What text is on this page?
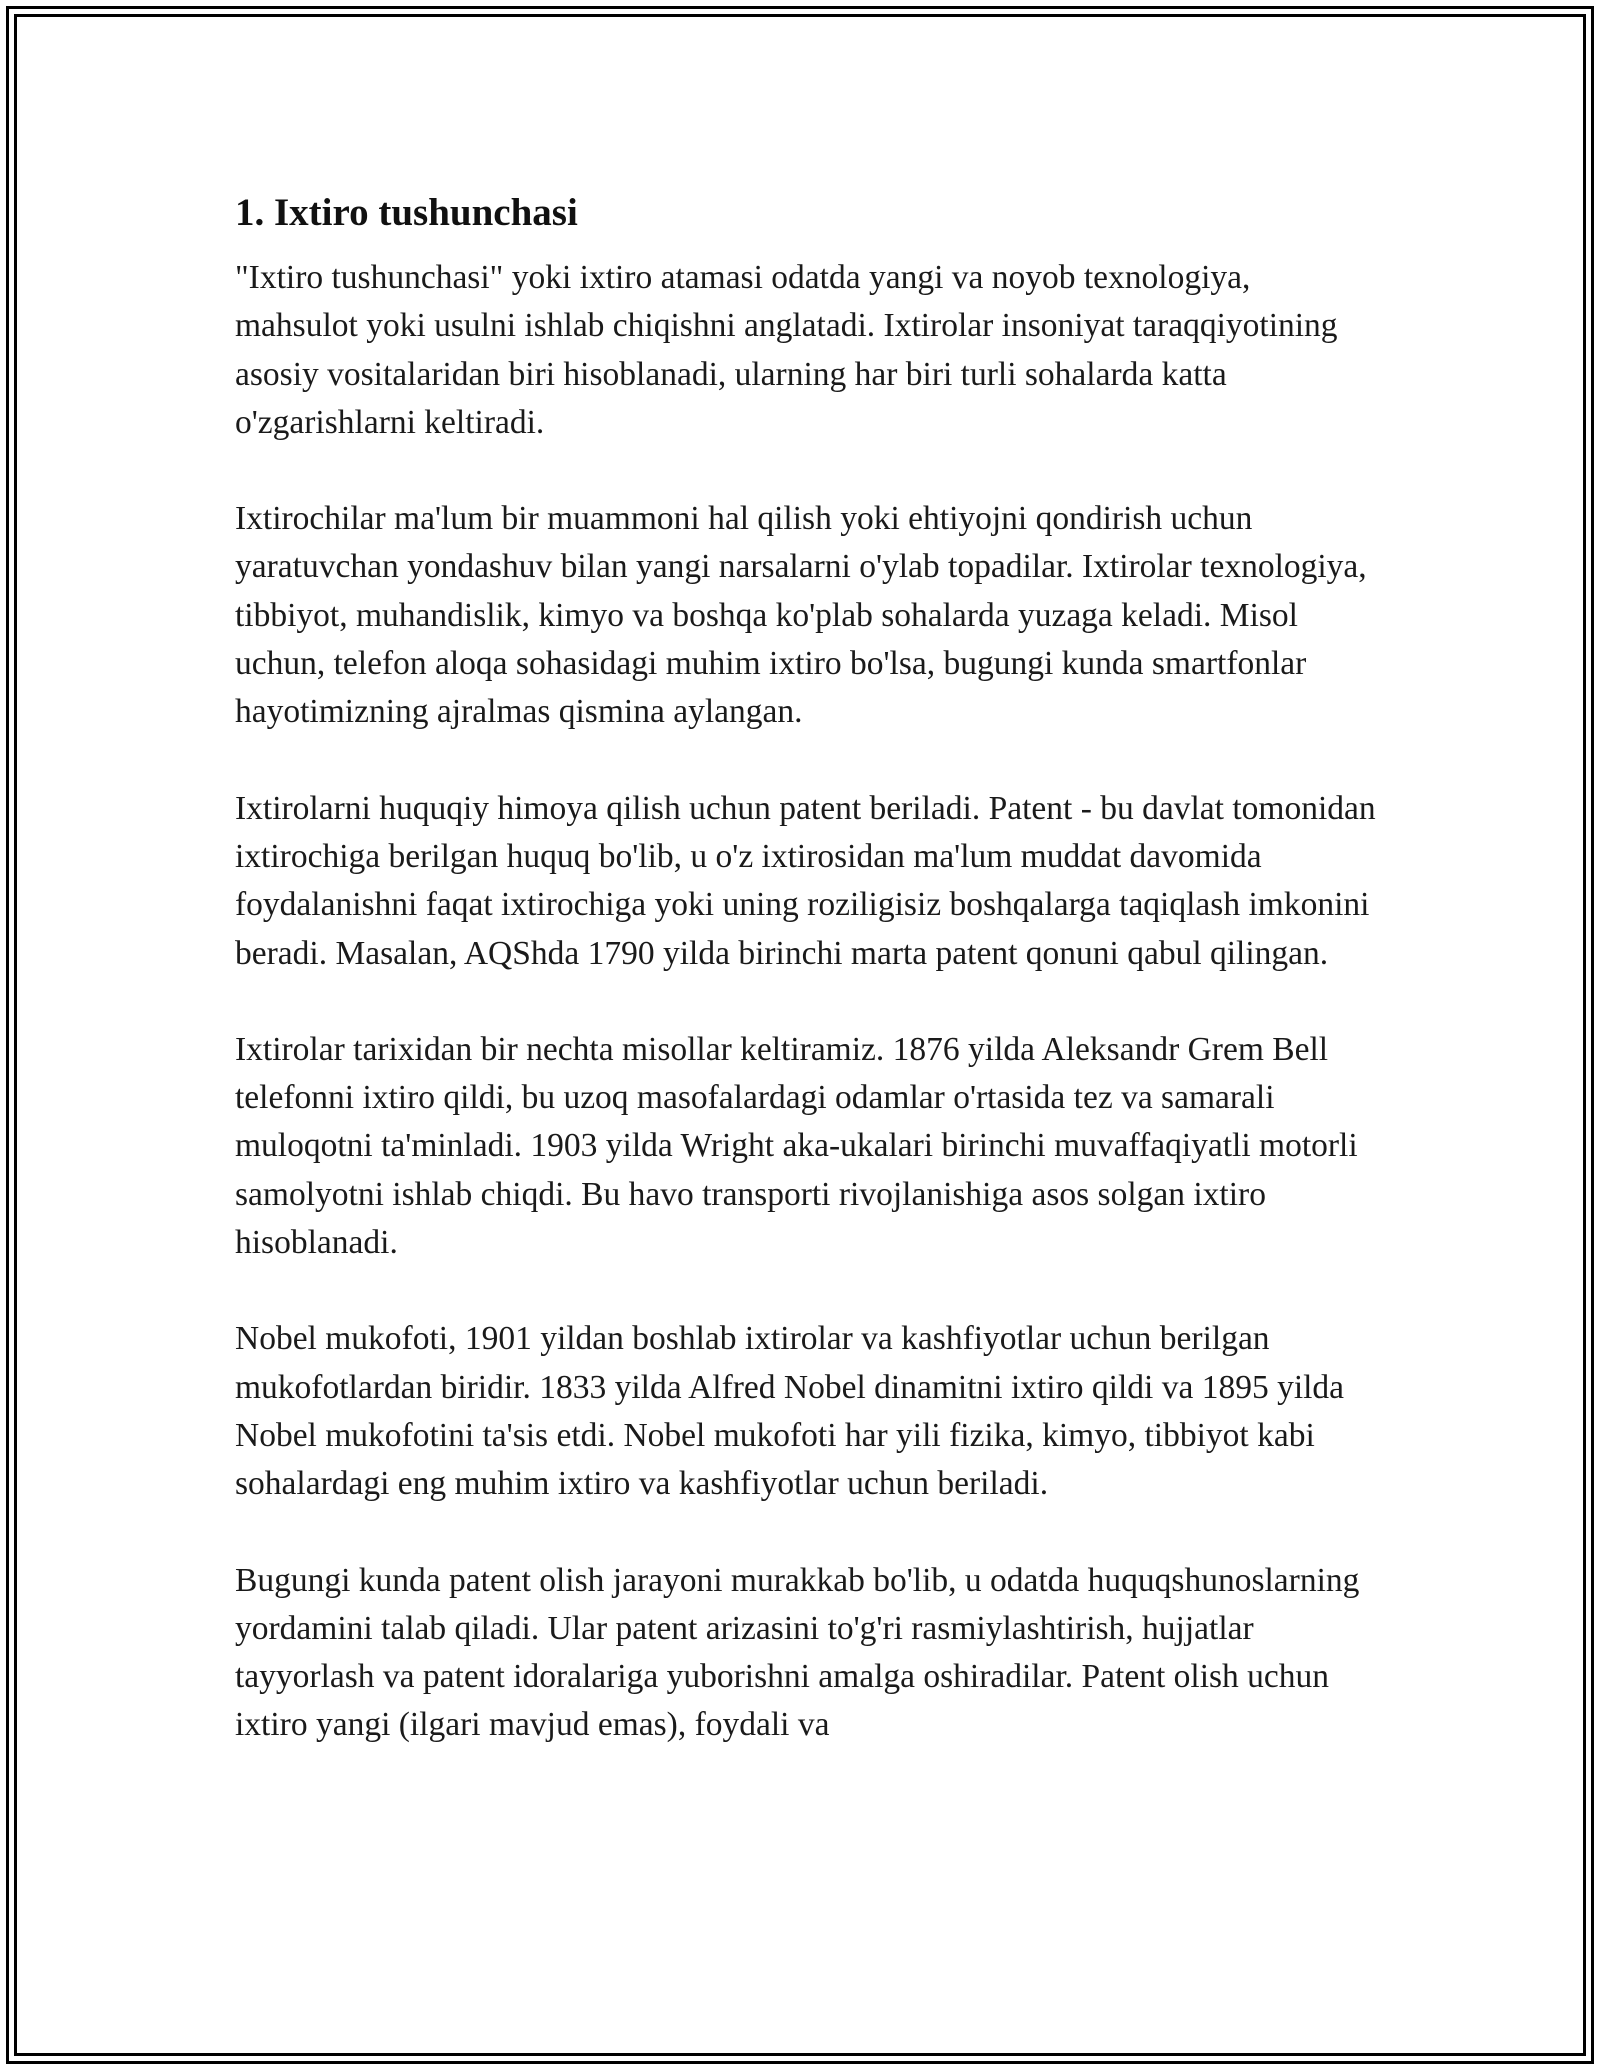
1. Ixtiro tushunchasi

"Ixtiro tushunchasi" yoki ixtiro atamasi odatda yangi va noyob texnologiya, mahsulot yoki usulni ishlab chiqishni anglatadi. Ixtirolar insoniyat taraqqiyotining asosiy vositalaridan biri hisoblanadi, ularning har biri turli sohalarda katta o'zgarishlarni keltiradi.

Ixtirochilar ma'lum bir muammoni hal qilish yoki ehtiyojni qondirish uchun yaratuvchan yondashuv bilan yangi narsalarni o'ylab topadilar. Ixtirolar texnologiya, tibbiyot, muhandislik, kimyo va boshqa ko'plab sohalarda yuzaga keladi. Misol uchun, telefon aloqa sohasidagi muhim ixtiro bo'lsa, bugungi kunda smartfonlar hayotimizning ajralmas qismina aylangan.

Ixtirolarni huquqiy himoya qilish uchun patent beriladi. Patent - bu davlat tomonidan ixtirochiga berilgan huquq bo'lib, u o'z ixtirosidan ma'lum muddat davomida foydalanishni faqat ixtirochiga yoki uning roziligisiz boshqalarga taqiqlash imkonini beradi. Masalan, AQShda 1790 yilda birinchi marta patent qonuni qabul qilingan.

Ixtirolar tarixidan bir nechta misollar keltiramiz. 1876 yilda Aleksandr Grem Bell telefonni ixtiro qildi, bu uzoq masofalardagi odamlar o'rtasida tez va samarali muloqotni ta'minladi. 1903 yilda Wright aka-ukalari birinchi muvaffaqiyatli motorli samolyotni ishlab chiqdi. Bu havo transporti rivojlanishiga asos solgan ixtiro hisoblanadi.

Nobel mukofoti, 1901 yildan boshlab ixtirolar va kashfiyotlar uchun berilgan mukofotlardan biridir. 1833 yilda Alfred Nobel dinamitni ixtiro qildi va 1895 yilda Nobel mukofotini ta'sis etdi. Nobel mukofoti har yili fizika, kimyo, tibbiyot kabi sohalardagi eng muhim ixtiro va kashfiyotlar uchun beriladi.

Bugungi kunda patent olish jarayoni murakkab bo'lib, u odatda huquqshunoslarning yordamini talab qiladi. Ular patent arizasini to'g'ri rasmiylashtirish, hujjatlar tayyorlash va patent idoralariga yuborishni amalga oshiradilar. Patent olish uchun ixtiro yangi (ilgari mavjud emas), foydali va
